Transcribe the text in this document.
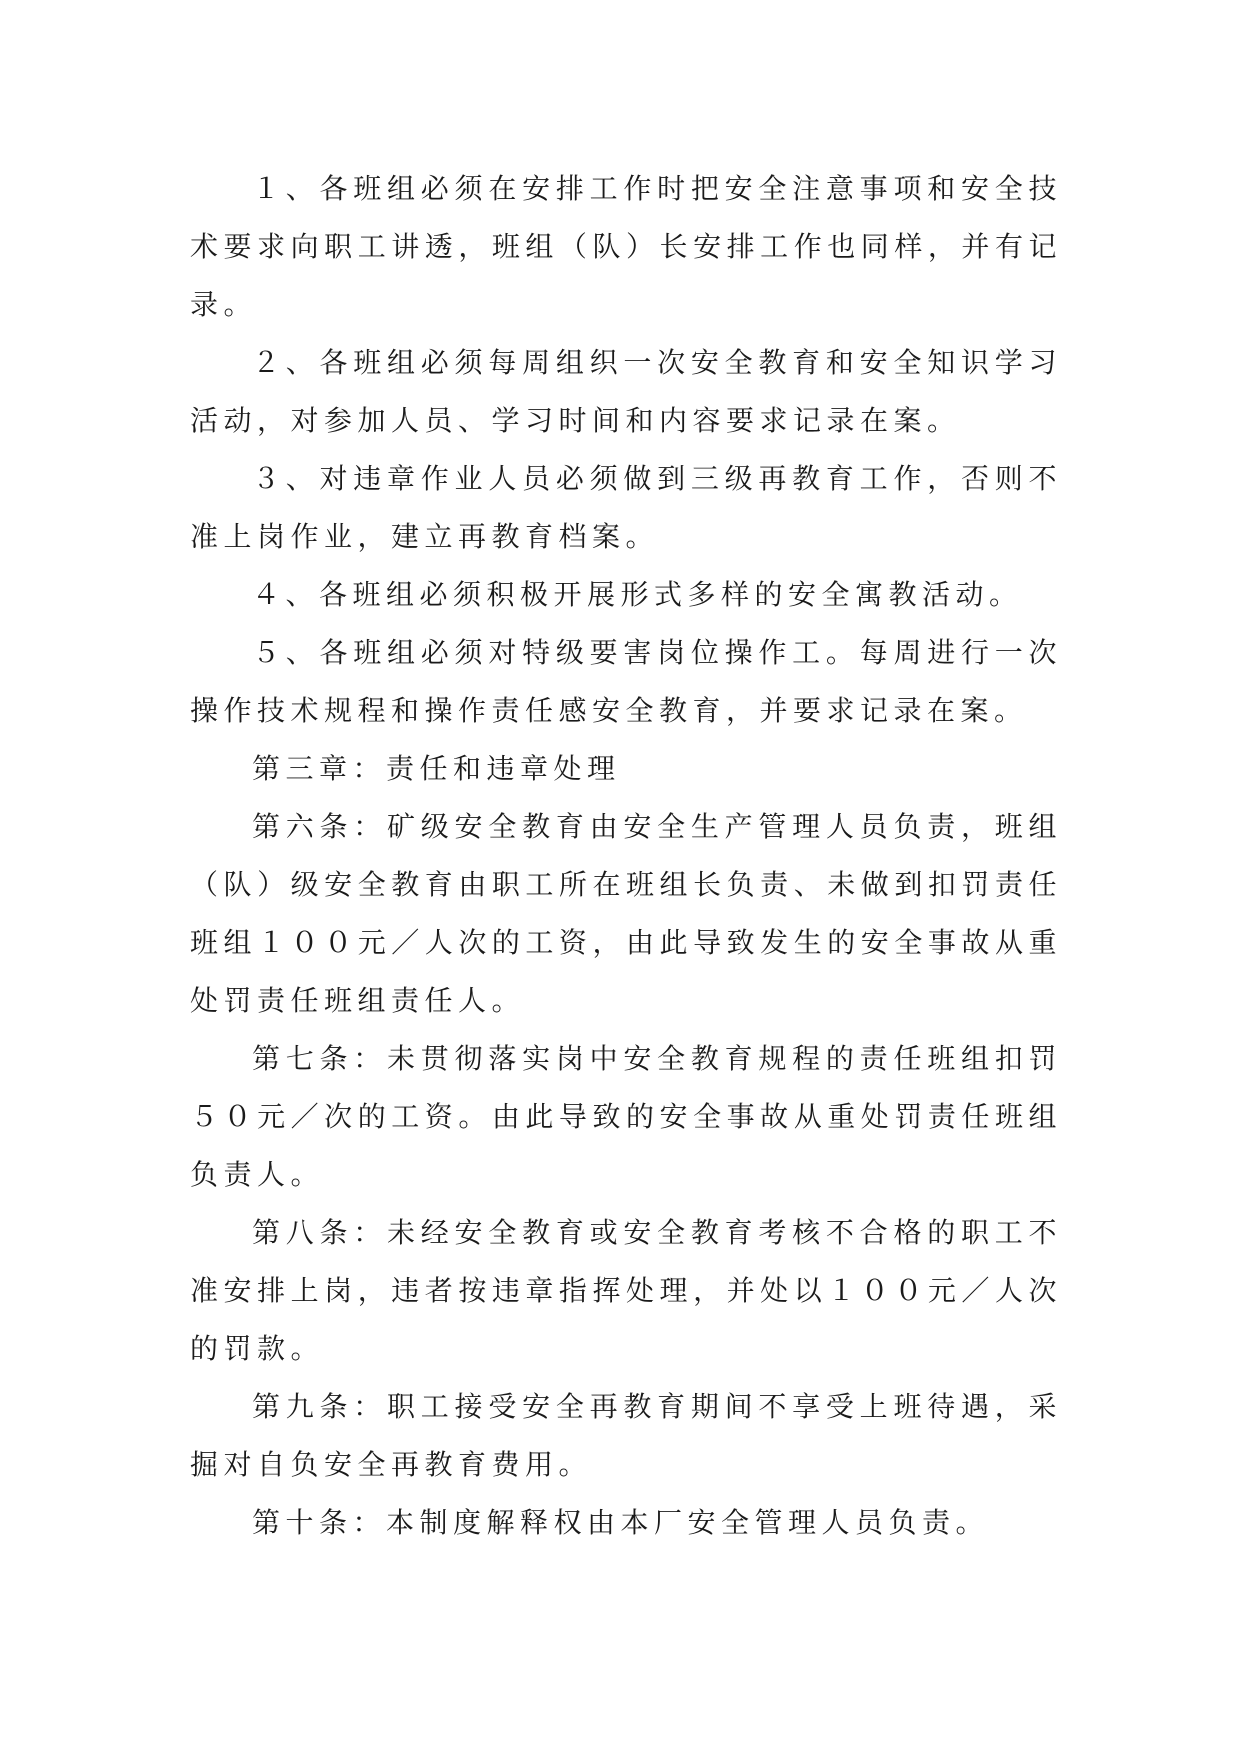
１、各班组必须在安排工作时把安全注意事项和安全技术要求向职工讲透，班组（队）长安排工作也同样，并有记录。

２、各班组必须每周组织一次安全教育和安全知识学习活动，对参加人员、学习时间和内容要求记录在案。

３、对违章作业人员必须做到三级再教育工作，否则不准上岗作业，建立再教育档案。

４、各班组必须积极开展形式多样的安全寓教活动。

５、各班组必须对特级要害岗位操作工。每周进行一次操作技术规程和操作责任感安全教育，并要求记录在案。

第三章：责任和违章处理

第六条：矿级安全教育由安全生产管理人员负责，班组（队）级安全教育由职工所在班组长负责、未做到扣罚责任班组１００元／人次的工资，由此导致发生的安全事故从重处罚责任班组责任人。

第七条：未贯彻落实岗中安全教育规程的责任班组扣罚５０元／次的工资。由此导致的安全事故从重处罚责任班组负责人。

第八条：未经安全教育或安全教育考核不合格的职工不准安排上岗，违者按违章指挥处理，并处以１００元／人次的罚款。

第九条：职工接受安全再教育期间不享受上班待遇，采掘对自负安全再教育费用。

第十条：本制度解释权由本厂安全管理人员负责。
